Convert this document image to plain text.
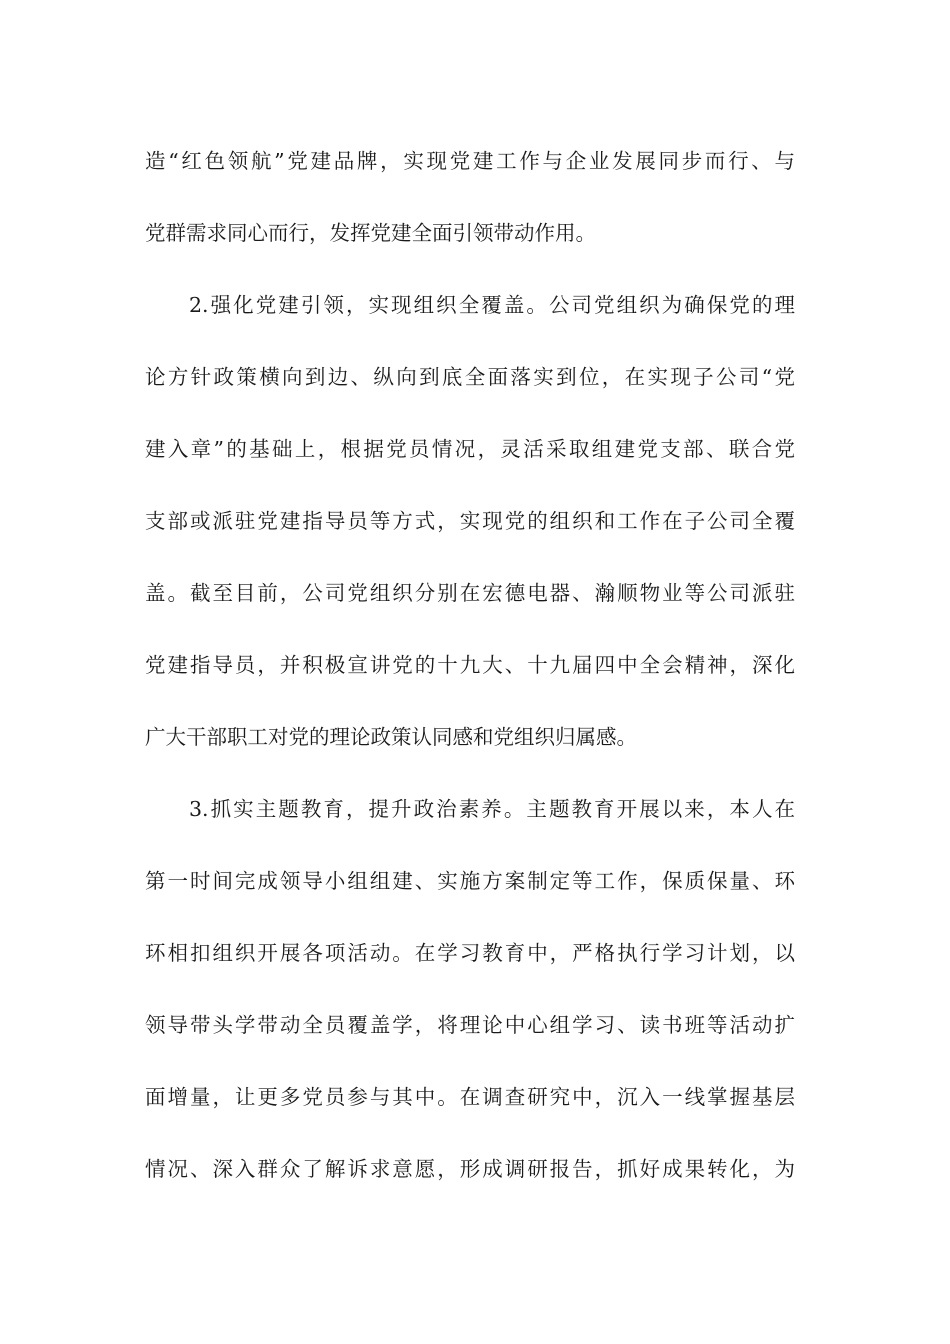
造“红色领航”党建品牌，实现党建工作与企业发展同步而行、与
党群需求同心而行，发挥党建全面引领带动作用。
2.强化党建引领，实现组织全覆盖。公司党组织为确保党的理
论方针政策横向到边、纵向到底全面落实到位，在实现子公司“党
建入章”的基础上，根据党员情况，灵活采取组建党支部、联合党
支部或派驻党建指导员等方式，实现党的组织和工作在子公司全覆
盖。截至目前，公司党组织分别在宏德电器、瀚顺物业等公司派驻
党建指导员，并积极宣讲党的十九大、十九届四中全会精神，深化
广大干部职工对党的理论政策认同感和党组织归属感。
3.抓实主题教育，提升政治素养。主题教育开展以来，本人在
第一时间完成领导小组组建、实施方案制定等工作，保质保量、环
环相扣组织开展各项活动。在学习教育中，严格执行学习计划，以
领导带头学带动全员覆盖学，将理论中心组学习、读书班等活动扩
面增量，让更多党员参与其中。在调查研究中，沉入一线掌握基层
情况、深入群众了解诉求意愿，形成调研报告，抓好成果转化，为
